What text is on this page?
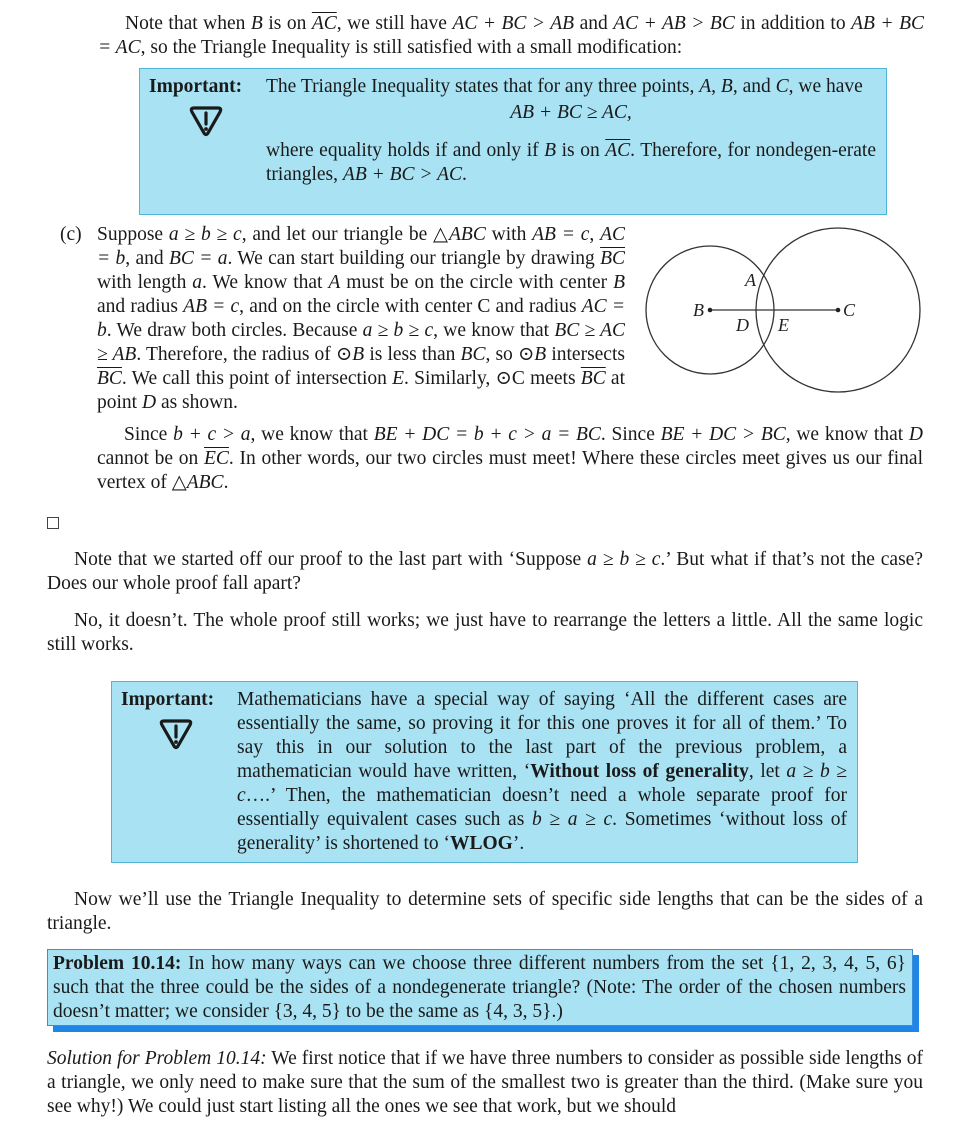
Note that when B is on $\overline{AC}$, we still have AC + BC > AB and AC + AB > BC in addition to AB + BC = AC, so the Triangle Inequality is still satisfied with a small modification:

Important: The Triangle Inequality states that for any three points, A, B, and C, we have

AB + BC ≥ AC,

where equality holds if and only if B is on $\overline{AC}$. Therefore, for nondegen-erate triangles, AB + BC > AC.

(c) Suppose a ≥ b ≥ c, and let our triangle be △ABC with AB = c, AC = b, and BC = a. We can start building our triangle by drawing $\overline{BC}$ with length a. We know that A must be on the circle with center B and radius AB = c, and on the circle with center C and radius AC = b. We draw both circles. Because a ≥ b ≥ c, we know that BC ≥ AC ≥ AB. Therefore, the radius of ⊙B is less than BC, so ⊙B intersects $\overline{BC}$. We call this point of intersection E. Similarly, ⊙C meets $\overline{BC}$ at point D as shown.

A
B	C
D E

Since b + c > a, we know that BE + DC = b + c > a = BC. Since BE + DC > BC, we know that D cannot be on $\overline{EC}$. In other words, our two circles must meet! Where these circles meet gives us our final vertex of △ABC.

Note that we started off our proof to the last part with ‘Suppose a ≥ b ≥ c.’ But what if that’s not the case? Does our whole proof fall apart?

No, it doesn’t. The whole proof still works; we just have to rearrange the letters a little. All the same logic still works.

Important: Mathematicians have a special way of saying ‘All the different cases are essentially the same, so proving it for this one proves it for all of them.’ To say this in our solution to the last part of the previous problem, a mathematician would have written, ‘Without loss of generality, let a ≥ b ≥ c….’ Then, the mathematician doesn’t need a whole separate proof for essentially equivalent cases such as b ≥ a ≥ c. Sometimes ‘without loss of generality’ is shortened to ‘WLOG’.

Now we’ll use the Triangle Inequality to determine sets of specific side lengths that can be the sides of a triangle.

Problem 10.14: In how many ways can we choose three different numbers from the set {1, 2, 3, 4, 5, 6} such that the three could be the sides of a nondegenerate triangle? (Note: The order of the chosen numbers doesn’t matter; we consider {3, 4, 5} to be the same as {4, 3, 5}.)

Solution for Problem 10.14: We first notice that if we have three numbers to consider as possible side lengths of a triangle, we only need to make sure that the sum of the smallest two is greater than the third. (Make sure you see why!) We could just start listing all the ones we see that work, but we should
